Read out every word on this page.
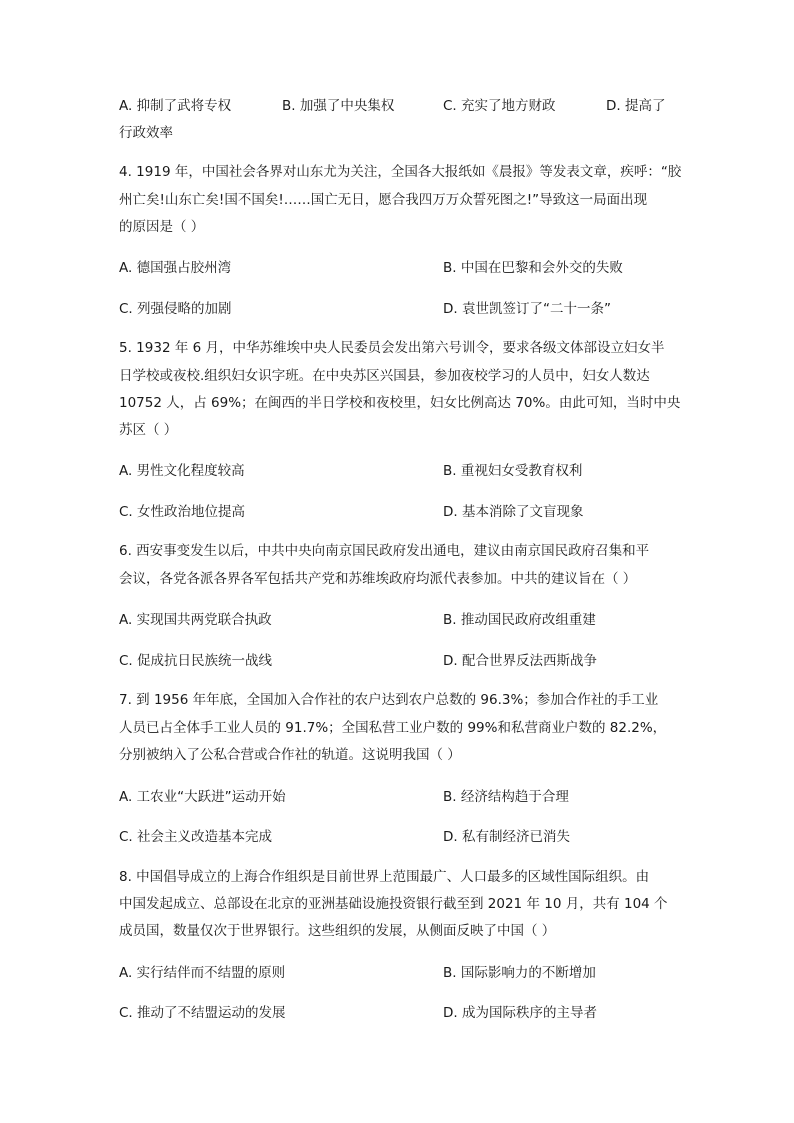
A. 抑制了武将专权	B. 加强了中央集权	C. 充实了地方财政	D. 提高了
行政效率
4. 1919 年，中国社会各界对山东尤为关注，全国各大报纸如《晨报》等发表文章，疾呼：“胶
州亡矣!山东亡矣!国不国矣!……国亡无日，愿合我四万万众誓死图之!”导致这一局面出现
的原因是（ ）
A. 德国强占胶州湾	B. 中国在巴黎和会外交的失败
C. 列强侵略的加剧	D. 袁世凯签订了“二十一条”
5. 1932 年 6 月，中华苏维埃中央人民委员会发出第六号训令，要求各级文体部设立妇女半
日学校或夜校.组织妇女识字班。在中央苏区兴国县，参加夜校学习的人员中，妇女人数达
10752 人，占 69%；在闽西的半日学校和夜校里，妇女比例高达 70%。由此可知，当时中央
苏区（ ）
A. 男性文化程度较高	B. 重视妇女受教育权利
C. 女性政治地位提高	D. 基本消除了文盲现象
6. 西安事变发生以后，中共中央向南京国民政府发出通电，建议由南京国民政府召集和平
会议，各党各派各界各军包括共产党和苏维埃政府均派代表参加。中共的建议旨在（ ）
A. 实现国共两党联合执政	B. 推动国民政府改组重建
C. 促成抗日民族统一战线	D. 配合世界反法西斯战争
7. 到 1956 年年底，全国加入合作社的农户达到农户总数的 96.3%；参加合作社的手工业
人员已占全体手工业人员的 91.7%；全国私营工业户数的 99%和私营商业户数的 82.2%，
分别被纳入了公私合营或合作社的轨道。这说明我国（ ）
A. 工农业“大跃进”运动开始	B. 经济结构趋于合理
C. 社会主义改造基本完成	D. 私有制经济已消失
8. 中国倡导成立的上海合作组织是目前世界上范围最广、人口最多的区域性国际组织。由
中国发起成立、总部设在北京的亚洲基础设施投资银行截至到 2021 年 10 月，共有 104 个
成员国，数量仅次于世界银行。这些组织的发展，从侧面反映了中国（ ）
A. 实行结伴而不结盟的原则	B. 国际影响力的不断增加
C. 推动了不结盟运动的发展	D. 成为国际秩序的主导者
